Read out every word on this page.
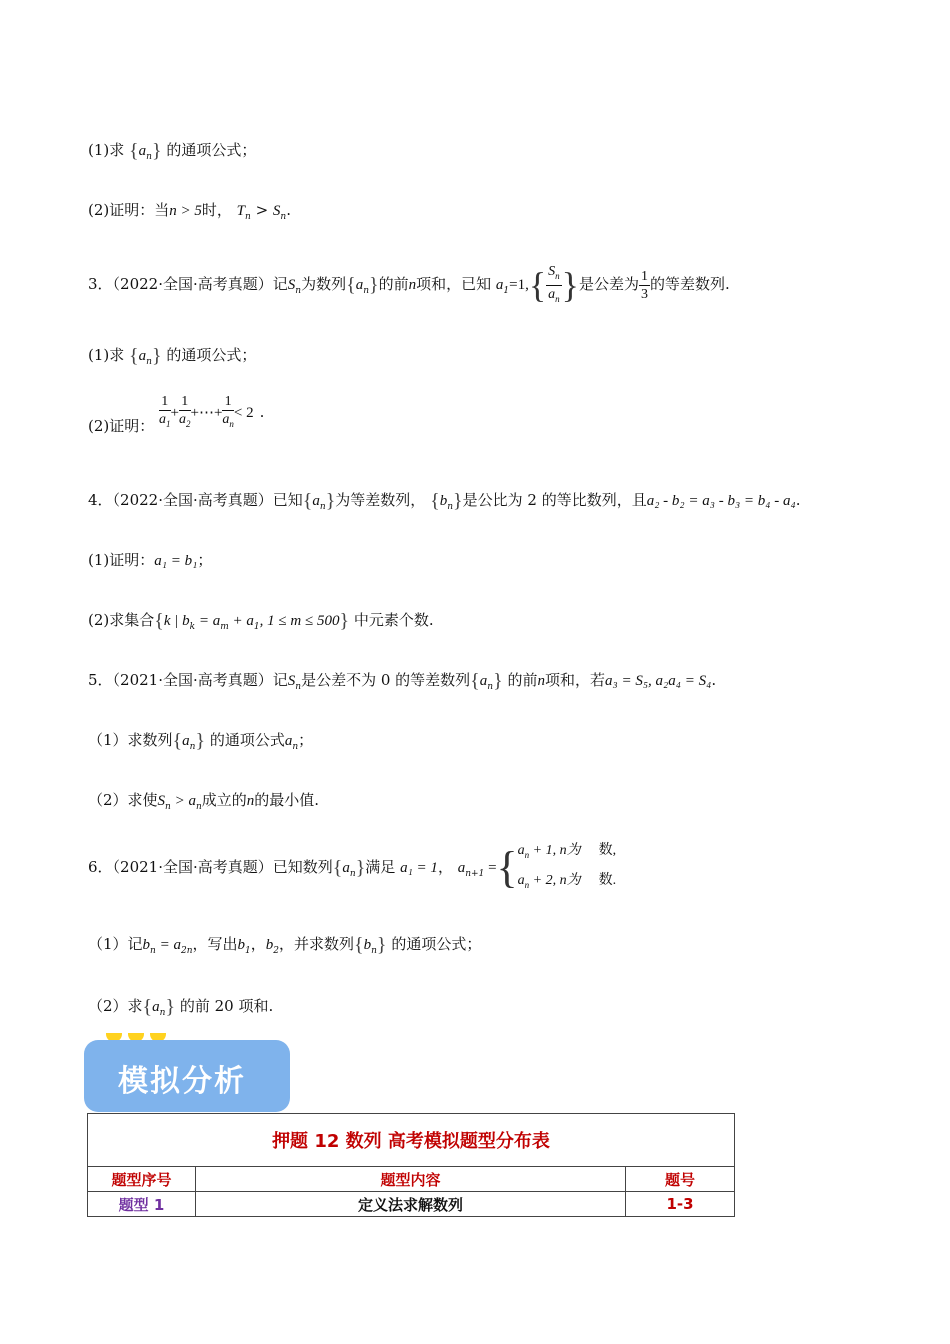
(1)求 $\{a_n\}$ 的通项公式；
(2)证明：当n > 5时， $T_n > S_n$.
3．（2022·全国·高考真题）记$S_n$为数列$\{a_n\}$的前n项和，已知 $a_1=1,\{ \frac{S_n}{a_n}$ }是公差为 $\frac{1}{3}$ 的等差数列.
(1)求 $\{a_n\}$ 的通项公式；
(2)证明： $\frac{1}{a_1} + \frac{1}{a_2}$ +⋯+ $\frac{1}{a_n} < 2$ .
4．（2022·全国·高考真题）已知$\{a_n\}$为等差数列， $\{b_n\}$是公比为 2 的等比数列，且a₂ - b₂ = a₃ - b₃ = b₄ - a₄.
(1)证明：a₁ = b₁；
(2)求集合{k | $b_k = a_m + a_1$, 1 ≤ m ≤ 500} 中元素个数.
5．（2021·全国·高考真题）记$S_n$是公差不为 0 的等差数列$\{a_n\}$ 的前n项和，若a₃ = S₅, a₂a₄ = S₄.
（1）求数列$\{a_n\}$ 的通项公式$a_n$；
（2）求使$S_n > a_n$成立的n的最小值.
6．（2021·全国·高考真题）已知数列$\{a_n\}$满足 a₁ = 1， $a_{n+1}$ ={ $a_n + 1$, n为 数,
$a_n + 2$, n为 数.
（1）记$b_n = a_{2n}$，写出$b_1$，$b_2$，并求数列$\{b_n\}$ 的通项公式；
（2）求$\{a_n\}$ 的前 20 项和.
模拟分析
押题 12 数列 高考模拟题型分布表		
题型序号	题型内容	题号
题型 1	定义法求解数列	1-3
